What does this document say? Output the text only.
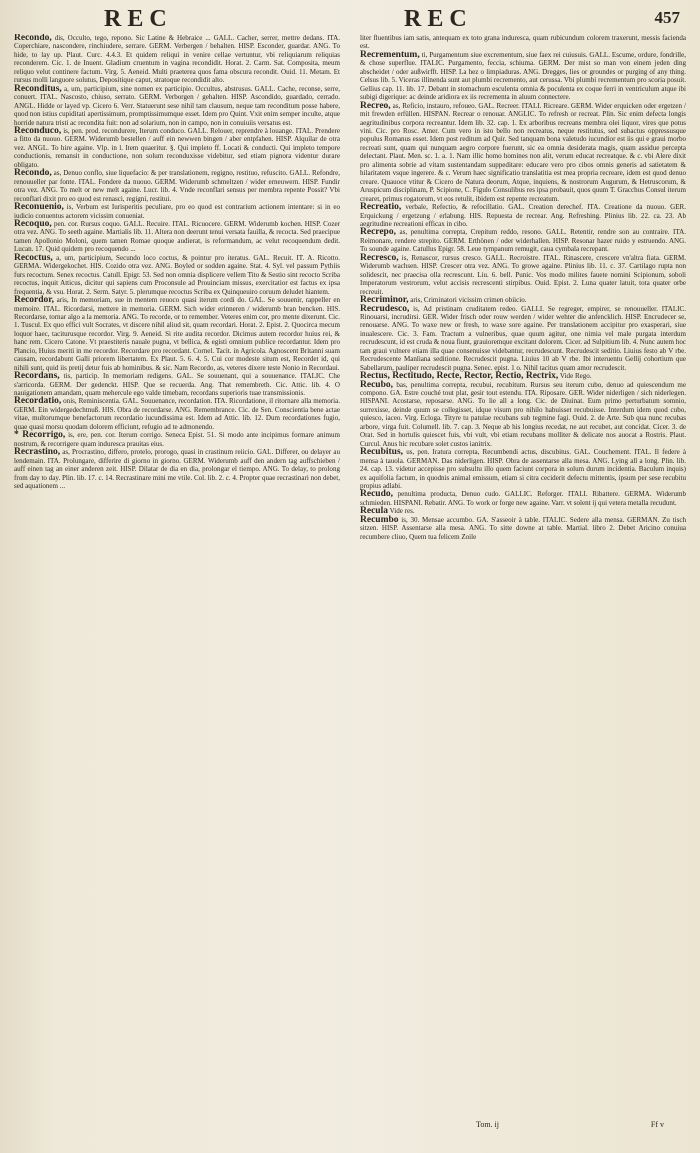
REC	REC	457

Recondo, dis, Occulto, tego, repono. Sic Latine & Hebraice ... GALL. Cacher, serrer, mettre dedans. ITA. Coperchiare, nascondere, rinchiudere, serrare. GERM. Verbergen / behalten. HISP. Esconder, guardar. ANG. To hide, to lay up. Plaut. Curc. 4.4.3. Et quidem reliqui in venire cellae vertuntur, vbi reliquiarum reliquias reconderem. Cic. 1. de Inuent. Gladium cruentum in vagina recondidit. Horat. 2. Carm. Sat. Composita, meum reliquo velut continere factum. Virg. 5. Aeneid. Multi praeterea quos fama obscura recondit. Ouid. 11. Metam. Et rursus molli languore solutus, Depositique caput, stratoque recondidit alto.

Reconditus, a, um, participium, sine nomen ex participio. Occultus, abstrusus. GALL. Cache, reconse, serre, conuert. ITAL. Nascosto, chiuso, serrato. GERM. Verborgen / gehalten. HISP. Ascondido, guardado, cerrado. ANGL. Hidde or layed vp. Cicero 6. Verr. Statuerunt sese nihil tam clausum, neque tam reconditum posse habere, quod non istius cupiditati apertissimum, promptissimumque esset. Idem pro Quint. Vxit enim semper inculte, atque horride natura tristi ac recondita fuit: non ad solarium, non in campo, non in conuiuiis versatus est.

Reconduco, is, pen. prod. recondurere, Iterum conduco. GALL. Relouer, reprendre à louange. ITAL. Prendere a fitto da nuouo. GERM. Widerumb bestellen / auff ein newwen bingen / aber entpfahen. HISP. Alquilar de otra vez. ANGL. To hire againe. Vlp. in l. Item quaeritur. §. Qui impleto ff. Locati & conducti. Qui impleto tempore conductionis, remansit in conductione, non solum reconduxisse videbitur, sed etiam pignora videntur durare obligato.

Recondo, as, Denuo conflo, siue liquefacio: & per translationem, regigno, restituo, refuscito. GALL. Refondre, renouueller par fonte. ITAL. Fondere da nuouo. GERM. Widerumb schmeltzen / wider erneuwern. HISP. Fundir otra vez. ANG. To melt or new melt againe. Lucr. lib. 4. Vnde reconflari sensus per membra repente Possit? Vbi reconflari dixit pro eo quod est renasci, regigni, restitui.

Reconuenio, is, Verbum est Iurisperitis peculiare, pro eo quod est contrarium actionem intentare: si in eo iudicio conuentus actorem vicissim conueniat.

Recoquo, pen. cor. Rursus coquo. GALL. Recuire. ITAL. Ricuocere. GERM. Widerumb kochen. HISP. Cozer otra vez. ANG. To seeth againe. Martialis lib. 11. Altera non deerunt tenui versata fauilla, & recocta. Sed praecipue tamen Apollonio Moloni, quem tamen Romae quoque audierat, is reformandum, ac velut recoquendum dedit. Lucan. 17. Quid quidem pro recoquendo ...

Recoctus, a, um, participium, Secundo loco coctus, & pointur pro iteratus. GAL. Recuit. IT. A. Ricotto. GERMA. Widergekochet. HIS. Cozido otra vez. ANG. Boyled or sodden againe. Stat. 4. Syl. vel passum Pythiis furs recoctum. Senex recoctus. Catull. Epigr. 53. Sed non omnia displicere vellem Tito & Sestio sint recocto Scriba recoctus, inquit Atticus, dicitur qui sapiens cum Proconsule ad Prouinciam missus, exercitatior est factus ex ipsa frequentia, & vsu. Horat. 2. Serm. Satyr. 5. plerumque recoctus Scriba ex Quinqueuiro coruum deludet hiantem.

Recordor, aris, In memoriam, sue in mentem reuoco quasi iterum cordi do. GAL. Se souuenir, rappeller en memoire. ITAL. Ricordarsi, mettere in memoria. GERM. Sich wider erinneren / widerumb bran bencken. HIS. Recordarse, tornar algo a la memoria. ANG. To recorde, or to remember. Veteres enim cor, pro mente dixerunt. Cic. 1. Tuscul. Ex quo effici vult Socrates, vt discere nihil aliud sit, quam recordari. Horat. 2. Epist. 2. Quocirca mecum loquor haec, taciturusque recordor. Virg. 9. Aeneid. Si rite audita recordor. Dicimus autem recordor huius rei, & hanc rem. Cicero Catone. Vt praestiteris nauale pugna, vt bellica, & egisti omnium publice recordantur. Idem pro Plancio, Huius meriti in me recordor. Recordare pro recordant. Cornel. Tacit. in Agricola. Agnoscent Britanni suam causam, recordabunt Galli priorem libertatem. Ex Plaut. 5. 6. 4. 5. Cui cor modeste situm est, Recordet id, qui nihili sunt, quid iis pretij detur fuis ab hominibus. & sic. Nam Recordo, as, veteres dixere teste Nonio in Recordaui.

Recordans, tis, particip. In memoriam redigens. GAL. Se souuenant, qui a souuenance. ITALIC. Che s'arricorda. GERM. Der gedenckt. HISP. Que se recuerda. Ang. That remembreth. Cic. Attic. lib. 4. O nauigationem amandam, quam mehercule ego valde timebam, recordans superioris tuae transmissionis.

Recordatio, onis, Reminiscentia. GAL. Souuenance, recordation. ITA. Ricordatione, il ritornare alla memoria. GERM. Ein widergedechtnuß. HIS. Obra de recordarse. ANG. Remembrance. Cic. de Sen. Conscientia bene actae vitae, multorumque benefactorum recordatio iucundissima est. Idem ad Attic. lib. 12. Dum recordationes fugio, quae quasi morsu quodam dolorem efficiunt, refugio ad te admonendo.

* Recorrigo, is, ere, pen. cor. Iterum corrigo. Seneca Epist. 51. Si modo ante incipimus formare animum nostrum, & recorrigere quam induresca prauitas eius.

Recrastino, as, Procrastino, differo, protelo, prorogo, quasi in crastinum reiicio. GAL. Differer, ou delayer au lendemain. ITA. Prolungare, differire di giorno in giorno. GERM. Widerumb auff den andern tag auffschieben / auff einen tag an einer anderen zeit. HISP. Dilatar de dia en dia, prolongar el tiempo. ANG. To delay, to prolong from day to day. Plin. lib. 17. c. 14. Recrastinare mini me vtile. Col. lib. 2. c. 4. Propter quae recrastinari non debet, sed aquationem ...

liter fluentibus iam satis, antequam ex toto grana induresca, quam rubicundum colorem traxerunt, messis facienda est.

Recrementum, ti, Purgamentum siue excrementum, siue faex rei cuiusuis. GALL. Escume, ordure, fondrille, & chose superflue. ITALIC. Purgamento, feccia, schiuma. GERM. Der mist so man von einem jeden ding abscheidet / oder außwirfft. HISP. La hez o limpiaduras. ANG. Dregges, lies or groundes or purging of any thing. Celsus lib. 5. Viceras illinenda sunt aut plumbi recremento, aut cerussa. Vbi plumbi recrementum pro scoria posuit. Gellius cap. 11. lib. 17. Debant in stomachum esculenta omnia & poculenta ex coque ferri in ventriculum atque ibi subigi digerique: ac deinde aridiora ex iis recrementa in aluum connectere.

Recreo, as, Reficio, instauro, refoueo. GAL. Recreer. ITALI. Ricreare. GERM. Wider erquicken oder ergetzen / mit frewden erfüllen. HISPAN. Recrear o renouar. ANGLIC. To refresh or recreat. Plin. Sic enim defecta longis aegritudinibus corpora recreantur. Idem lib. 32. cap. 1. Ex arboribus recreans membra olei liquor, vires que potus vini. Cic. pro Rosc. Amer. Cum vero in isto bello non recreatus, neque restitutus, sed subactus oppressusque populus Romanus esset. Idem post reditum ad Quir. Sed tanquam bona valetudo iucundior est iis qui e graui morbo recreati sunt, quam qui nunquam aegro corpore fuerunt, sic ea omnia desiderata magis, quam assidue percepta delectant. Plaut. Men. sc. 1. a. 1. Nam illic homo homines non alit, verum educat recreatque. & c. vbi Alere dixit pro alimenta sobrie ad vitam sustentandam suppeditare: educare vero pro cibos omnis generis ad satietatem & hilaritatem vsque ingerere. & c. Verum haec significatio translatitia est mea propria recreare, idem est quod denuo creare. Quauoce vtitur & Cicero de Natura deorum, Atque, inquiens, & nostrorum Augurum, & Hetruscorum, & Aruspicum disciplinam, P. Scipione, C. Figulo Consulibus res ipsa probauit, quos quum T. Gracchus Consul iterum crearet, primus rogatorum, vt eos retulit, ibidem est repente recreatum.

Recreatio, verbale, Refectio, & refocillatio. GAL. Creation derechef. ITA. Creatione da nuouo. GER. Erquickung / ergetzung / erlabung. HIS. Repuesta de recrear. Ang. Refreshing. Plinius lib. 22. ca. 23. Ab aegritudine recreationi efficax in cibo.

Recrepo, as, penultima correpta, Crepitum reddo, resono. GALL. Retentir, rendre son au contraire. ITA. Reimonare, rendere strepito. GERM. Erthönen / oder widerhallen. HISP. Resonar hazer ruido y estruendo. ANG. To sounde againe. Catullus Epigr. 58. Leue tympanum remugit, caua cymbala recrepant.

Recresco, is, Renascor, rursus cresco. GALL. Recroistre. ITAL. Rinascere, crescere vn'altra fiata. GERM. Widerumb wachsen. HISP. Crescer otra vez. ANG. To growe againe. Plinius lib. 11. c. 37. Cartilago rupta non solidescit, nec praecisa olla recrescunt. Liu. 6. bell. Punic. Vos modo milites fauete nomini Scipionum, soboli Imperatorum vestrorum, velut accisis recrescenti stirpibus. Ouid. Epist. 2. Luna quater latuit, tota quater orbe recreuit.

Recriminor, aris, Criminatori vicissim crimen obiicio.

Recrudesco, is, Ad pristinam cruditatem redeo. GALLI. Se regreger, empirer, se renouueller. ITALIC. Rinouarsi, incrudirsi. GER. Wider frisch oder rouw werden / wider wehter die anfencklich. HISP. Encrudecer se, renouarse. ANG. To waxe new or fresh, to waxe sore againe. Per translationem accipitur pro exasperari, siue inualescere. Cic. 3. Fam. Tractum a vulneribus, quae quum agitur, one nimia vel male purgata interdum recrudescunt, id est cruda & noua fiunt, grauioremque excitant dolorem. Cicer. ad Sulpitium lib. 4. Nunc autem hoc tam graui vulnere etiam illa quae consenuisse videbantur, recrudescunt. Recrudescit seditio. Liuius festo ab V rbe. Recrudescente Manliana seditione. Recrudescit pugna. Liuius 10 ab V rbe. Ibi interuentu Gellij cohortium que Sabellarum, pauliper recrudescit pugna. Senec. epist. 1 o. Nihil tacitus quam amor recrudescit.

Rectus, Rectitudo, Recte, Rector, Rectio, Rectrix, Vide Rego.

Recubo, bas, penultima correpta, recubui, recubitum. Rursus seu iterum cubo, denuo ad quiescendum me compono. GA. Estre couché tout plat, gesir tout estendu. ITA. Riposare. GER. Wider niderligen / sich niderlegen. HISPANI. Acostarse, reposarse. ANG. To lie all a long. Cic. de Diuinat. Eum primo perturbatum somnio, surrexisse, deinde quum se collegisset, idque visum pro nihilo habuisset recubuisse. Interdum idem quod cubo, quiesco, iaceo. Virg. Ecloga. Tityre tu patulae recubans sub tegmine fagi. Ouid. 2. de Arte. Sub qua nunc recubas arbore, virga fuit. Columell. lib. 7. cap. 3. Neque ab his longius recedat, ne aut recubet, aut concidat. Cicer. 3. de Orat. Sed in hortulis quiescet fuis, vbi vult, vbi etiam recubans molliter & delicate nos auocat a Rostris. Plaut. Curcul. Anus hic recubare solet custos ianitrix.

Recubitus, us, pen. Iratura correpta, Recumbendi actus, discubitus. GAL. Couchement. ITAL. Il federe à mensa à tauola. GERMAN. Das niderligen. HISP. Obra de assentarse alla mesa. ANG. Lying all a long. Plin. lib. 24. cap. 13. videtur accepisse pro subsultu illo quem faciunt corpora in solum durum incidentia. Baculum inquis) ex aquifolia factum, in quodnis animal emissum, etiam si citra ceciderit defectu mittentis, ipsum per sese recubitu propius adlabi.

Recudo, penultima producta, Denuo cudo. GALLIC. Reforger. ITALI. Ribattere. GERMA. Widerumb schmieden. HISPANI. Rebatir. ANG. To work or forge new againe. Varr. vt solent ij qui vetera metalla recudunt.

Recula Vide res.

Recumbo is, 30. Mensae accumbo. GA. S'asseoir à table. ITALIC. Sedere alla mensa. GERMAN. Zu tisch sitzen. HISP. Assentarse alla mesa. ANG. To sitte downe at table. Martial. libro 2. Debet Aricino conuiua recumbere cliuo, Quem tua felicem Zoile

Tom. ij	Ff v
